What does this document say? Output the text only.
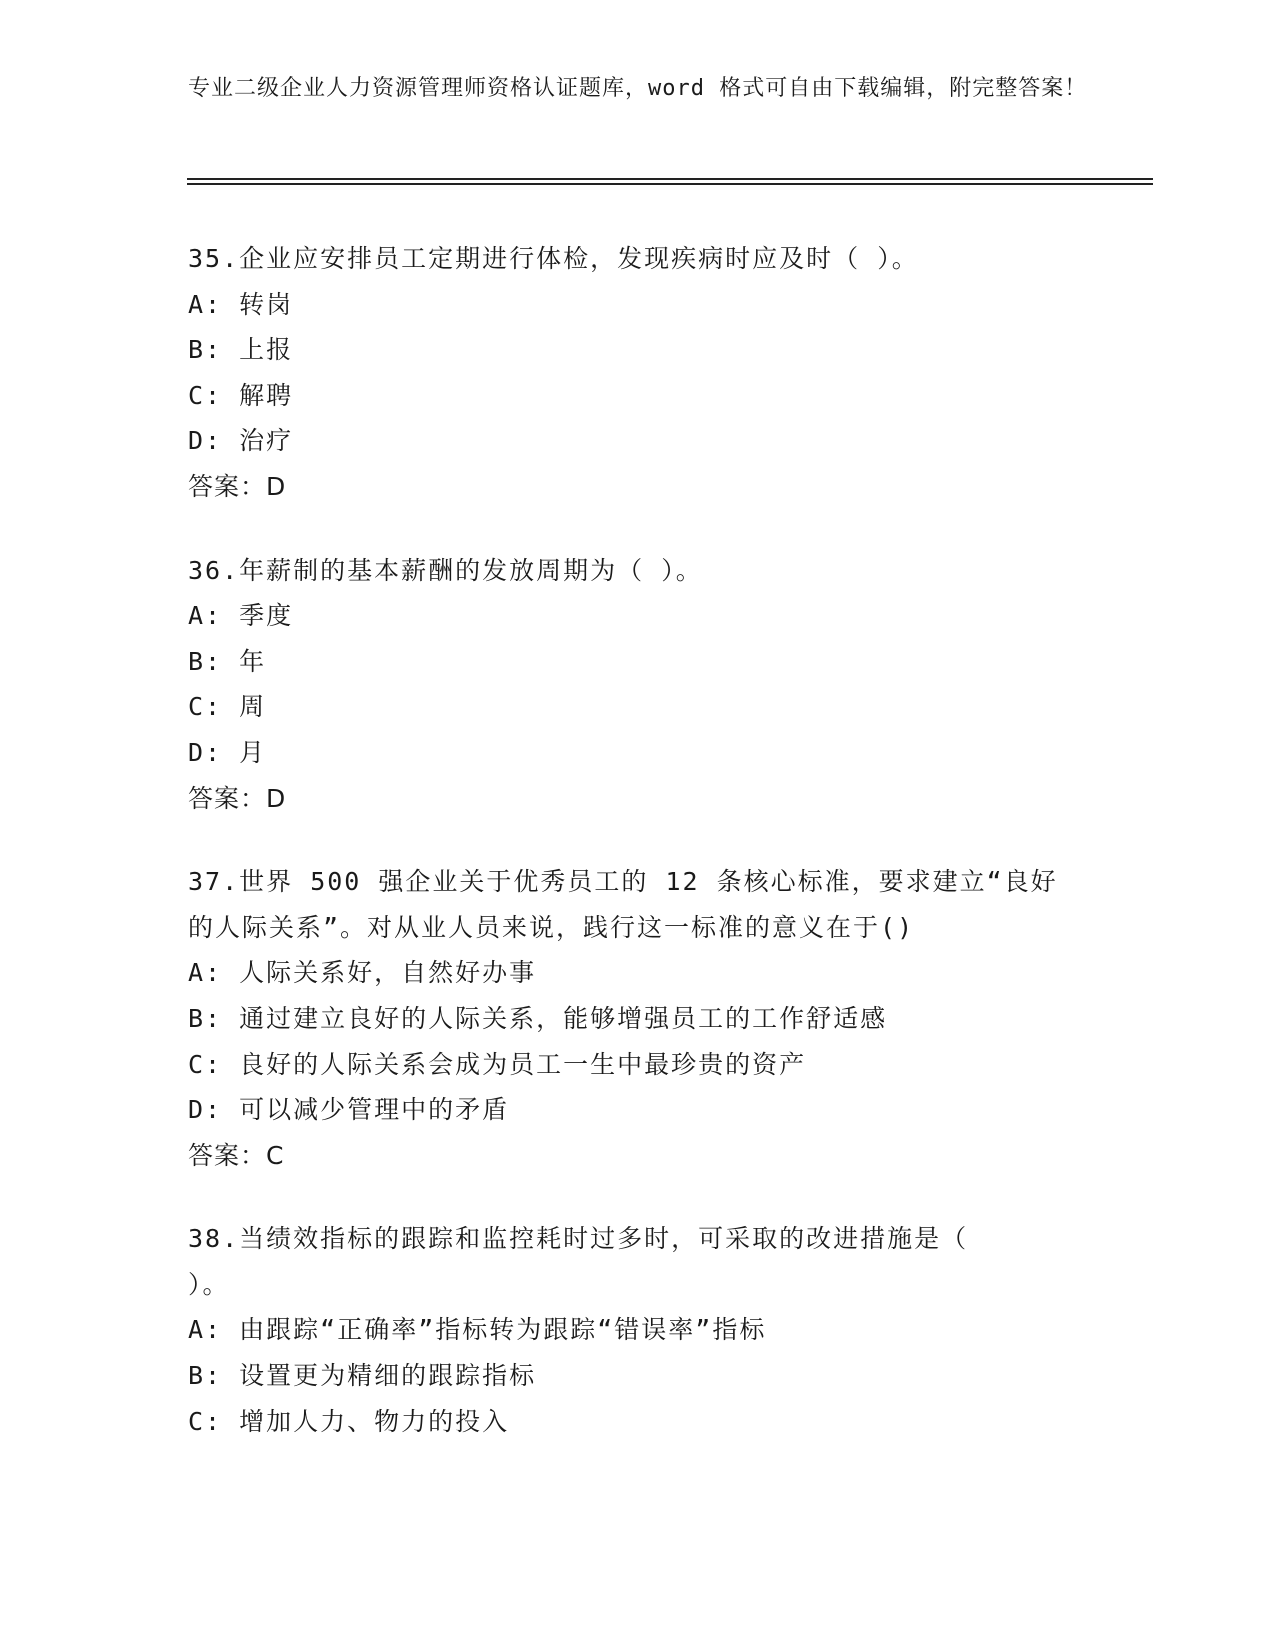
专业二级企业人力资源管理师资格认证题库，word 格式可自由下载编辑，附完整答案！
35.企业应安排员工定期进行体检，发现疾病时应及时（ ）。
A: 转岗
B: 上报
C: 解聘
D: 治疗
答案：D
36.年薪制的基本薪酬的发放周期为（ ）。
A: 季度
B: 年
C: 周
D: 月
答案：D
37.世界 500 强企业关于优秀员工的 12 条核心标准，要求建立“良好
的人际关系”。对从业人员来说，践行这一标准的意义在于()
A: 人际关系好，自然好办事
B: 通过建立良好的人际关系，能够增强员工的工作舒适感
C: 良好的人际关系会成为员工一生中最珍贵的资产
D: 可以减少管理中的矛盾
答案：C
38.当绩效指标的跟踪和监控耗时过多时，可采取的改进措施是（
）。
A: 由跟踪“正确率”指标转为跟踪“错误率”指标
B: 设置更为精细的跟踪指标
C: 增加人力、物力的投入
